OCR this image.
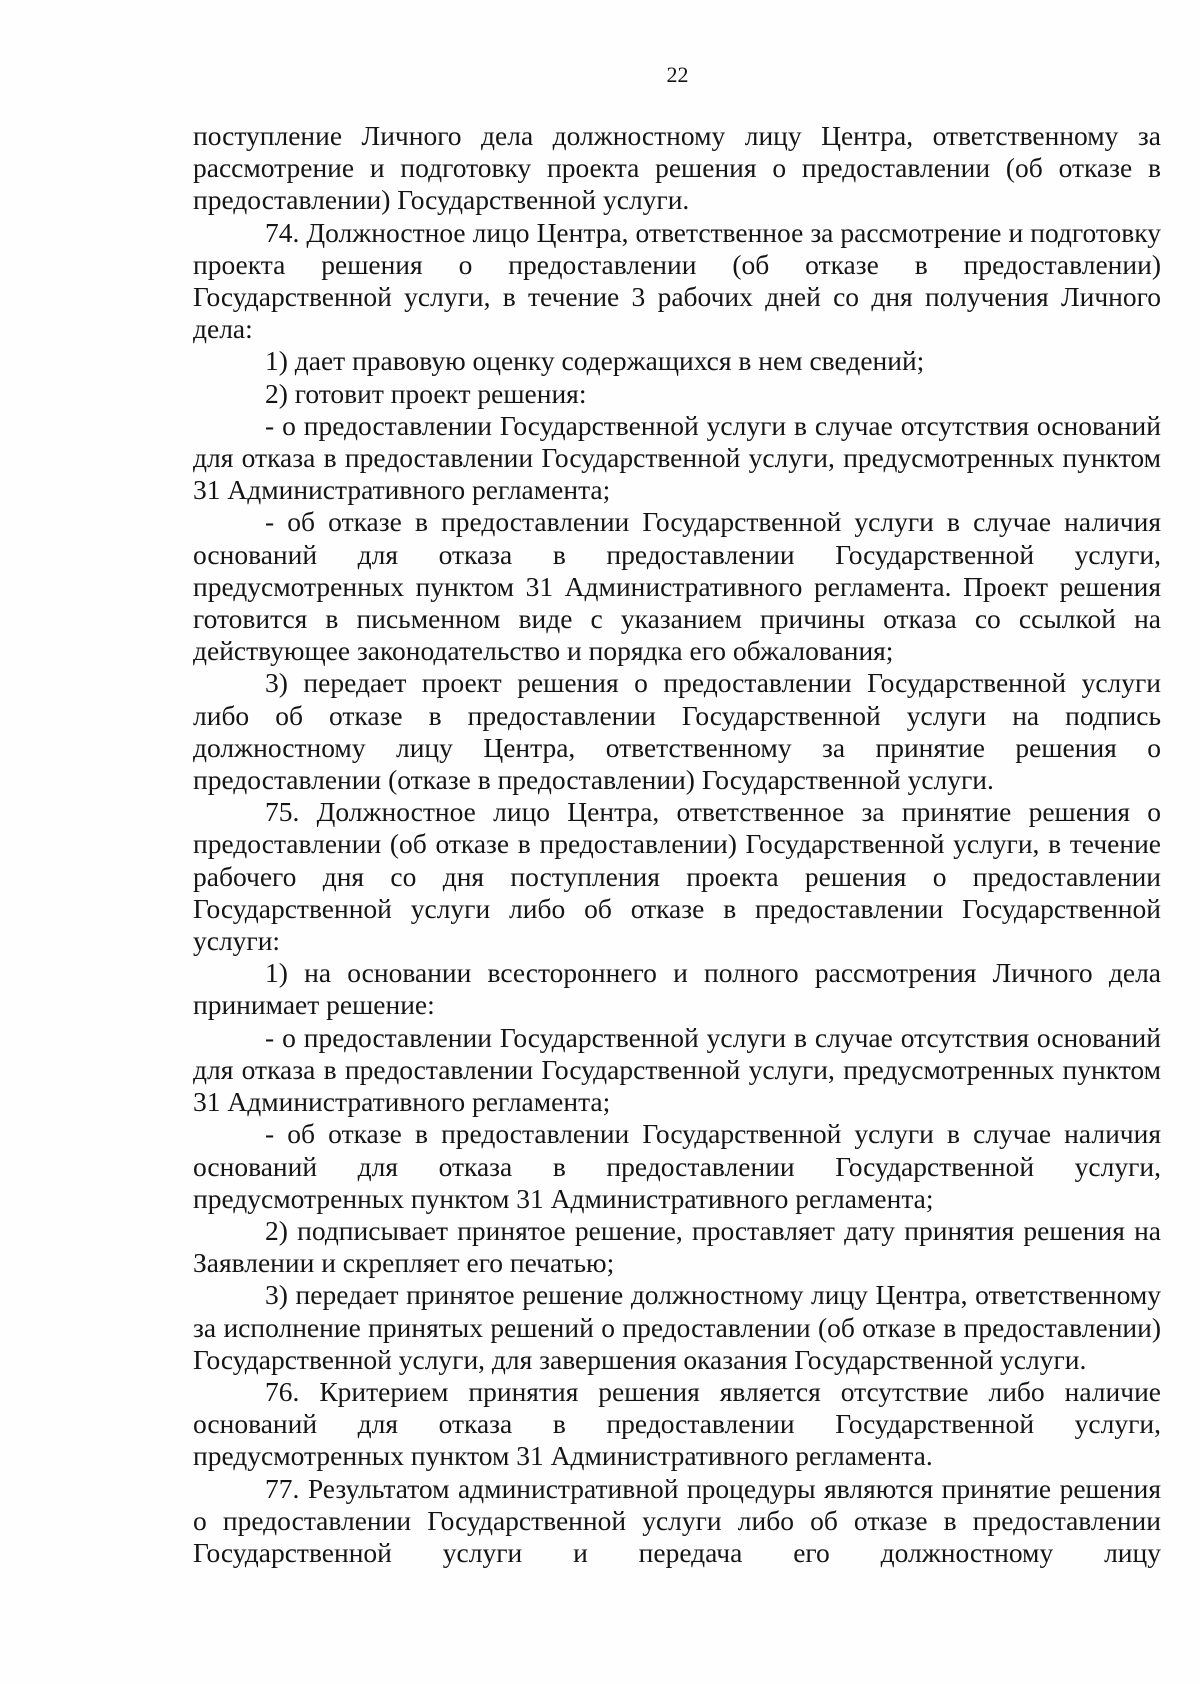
22

поступление Личного дела должностному лицу Центра, ответственному за рассмотрение и подготовку проекта решения о предоставлении (об отказе в предоставлении) Государственной услуги.

74. Должностное лицо Центра, ответственное за рассмотрение и подготовку проекта решения о предоставлении (об отказе в предоставлении) Государственной услуги, в течение 3 рабочих дней со дня получения Личного дела:

1) дает правовую оценку содержащихся в нем сведений;

2) готовит проект решения:

- о предоставлении Государственной услуги в случае отсутствия оснований для отказа в предоставлении Государственной услуги, предусмотренных пунктом 31 Административного регламента;

- об отказе в предоставлении Государственной услуги в случае наличия оснований для отказа в предоставлении Государственной услуги, предусмотренных пунктом 31 Административного регламента. Проект решения готовится в письменном виде с указанием причины отказа со ссылкой на действующее законодательство и порядка его обжалования;

3) передает проект решения о предоставлении Государственной услуги либо об отказе в предоставлении Государственной услуги на подпись должностному лицу Центра, ответственному за принятие решения о предоставлении (отказе в предоставлении) Государственной услуги.

75. Должностное лицо Центра, ответственное за принятие решения о предоставлении (об отказе в предоставлении) Государственной услуги, в течение рабочего дня со дня поступления проекта решения о предоставлении Государственной услуги либо об отказе в предоставлении Государственной услуги:

1) на основании всестороннего и полного рассмотрения Личного дела принимает решение:

- о предоставлении Государственной услуги в случае отсутствия оснований для отказа в предоставлении Государственной услуги, предусмотренных пунктом 31 Административного регламента;

- об отказе в предоставлении Государственной услуги в случае наличия оснований для отказа в предоставлении Государственной услуги, предусмотренных пунктом 31 Административного регламента;

2) подписывает принятое решение, проставляет дату принятия решения на Заявлении и скрепляет его печатью;

3) передает принятое решение должностному лицу Центра, ответственному за исполнение принятых решений о предоставлении (об отказе в предоставлении) Государственной услуги, для завершения оказания Государственной услуги.

76. Критерием принятия решения является отсутствие либо наличие оснований для отказа в предоставлении Государственной услуги, предусмотренных пунктом 31 Административного регламента.

77. Результатом административной процедуры являются принятие решения о предоставлении Государственной услуги либо об отказе в предоставлении Государственной услуги и передача его должностному лицу
